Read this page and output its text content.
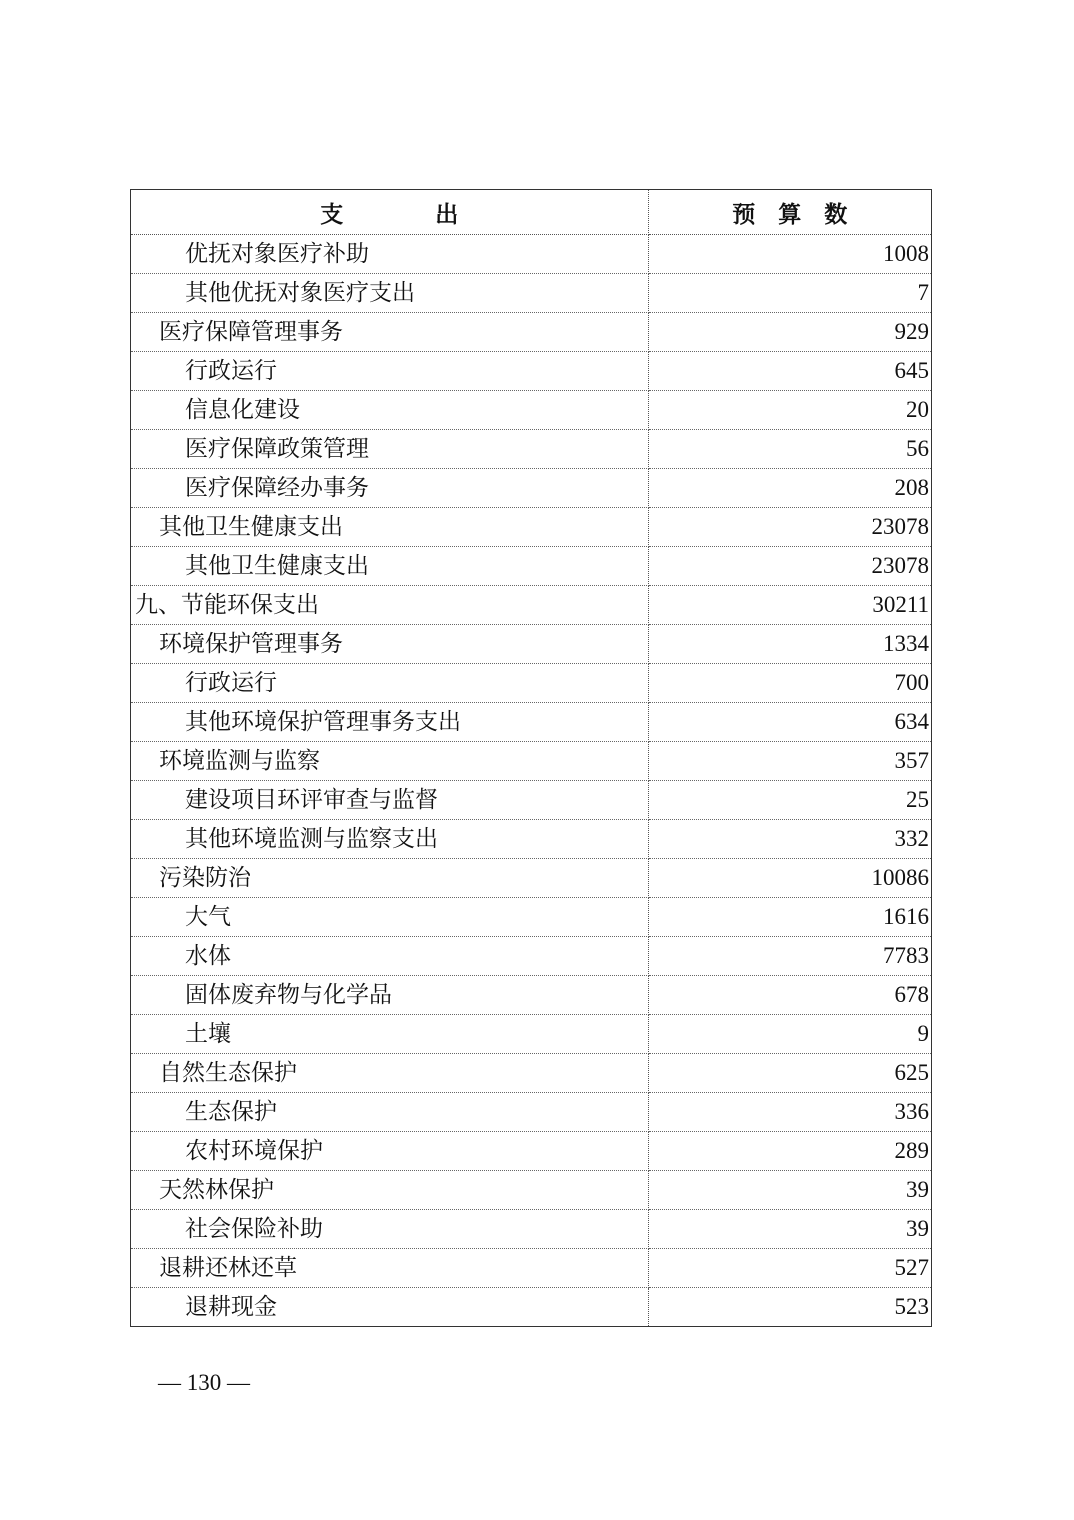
支　　　　出	预　算　数
优抚对象医疗补助	1008
其他优抚对象医疗支出	7
医疗保障管理事务	929
行政运行	645
信息化建设	20
医疗保障政策管理	56
医疗保障经办事务	208
其他卫生健康支出	23078
其他卫生健康支出	23078
九、节能环保支出	30211
环境保护管理事务	1334
行政运行	700
其他环境保护管理事务支出	634
环境监测与监察	357
建设项目环评审查与监督	25
其他环境监测与监察支出	332
污染防治	10086
大气	1616
水体	7783
固体废弃物与化学品	678
土壤	9
自然生态保护	625
生态保护	336
农村环境保护	289
天然林保护	39
社会保险补助	39
退耕还林还草	527
退耕现金	523
— 130 —
